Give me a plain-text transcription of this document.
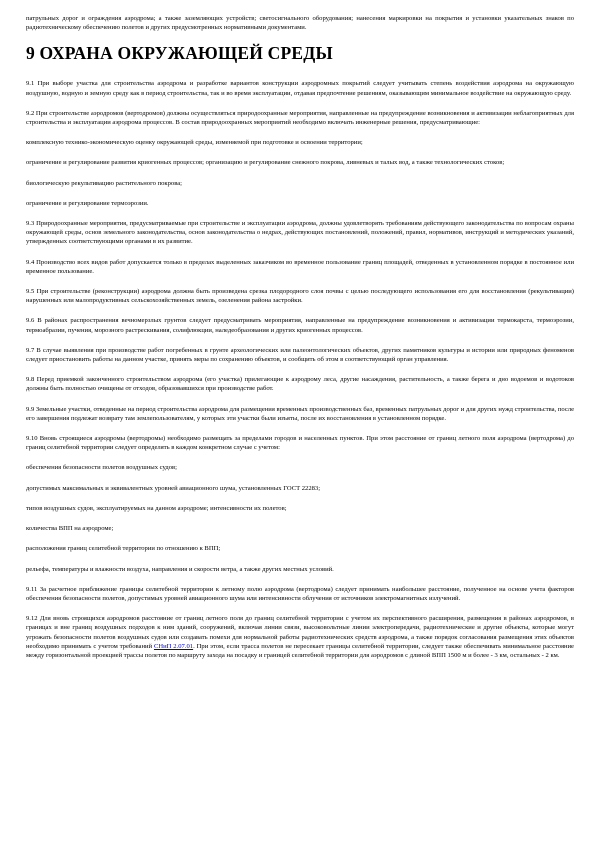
патрульных дорог и ограждения аэродрома; а также заземляющих устройств; светосигнального оборудования; нанесения маркировки на покрытия и установки указательных знаков по радиотехническому обеспечению полетов и других предусмотренных нормативными документами.

9 ОХРАНА ОКРУЖАЮЩЕЙ СРЕДЫ

9.1 При выборе участка для строительства аэродрома и разработке вариантов конструкции аэродромных покрытий следует учитывать степень воздействия аэродрома на окружающую воздушную, водную и земную среду как в период строительства, так и во время эксплуатации, отдавая предпочтение решениям, оказывающим минимальное воздействие на окружающую среду.

9.2 При строительстве аэродромов (вертодромов) должны осуществляться природоохранные мероприятия, направленные на предупреждение возникновения и активизации неблагоприятных для строительства и эксплуатации аэродрома процессов. В состав природоохранных мероприятий необходимо включать инженерные решения, предусматривающие:

комплексную технико-экономическую оценку окружающей среды, изменяемой при подготовке и освоении территории;

ограничение и регулирование развития криогенных процессов; организацию и регулирование снежного покрова, ливневых и талых вод, а также технологических стоков;

биологическую рекультивацию растительного покрова;

ограничение и регулирование термоэрозии.

9.3 Природоохранные мероприятия, предусматриваемые при строительстве и эксплуатации аэродрома, должны удовлетворять требованиям действующего законодательства по вопросам охраны окружающей среды, основ земельного законодательства, основ законодательства о недрах, действующих постановлений, положений, правил, нормативов, инструкций и методических указаний, утвержденных соответствующими органами в их развитие.

9.4 Производство всех видов работ допускается только в пределах выделенных заказчиком во временное пользование границ площадей, отведенных в установленном порядке в постоянное или временное пользование.

9.5 При строительстве (реконструкции) аэродрома должна быть произведена срезка плодородного слоя почвы с целью последующего использования его для восстановления (рекультивации) нарушенных или малопродуктивных сельскохозяйственных земель, озеленения района застройки.

9.6 В районах распространения вечномерзлых грунтов следует предусматривать мероприятия, направленные на предупреждение возникновения и активизации термокарста, термоэрозии, термоабразии, пучения, морозного растрескивания, солифлюкции, наледеобразования и других криогенных процессов.

9.7 В случае выявления при производстве работ погребенных в грунте археологических или палеонтологических объектов, других памятников культуры и истории или природных феноменов следует приостановить работы на данном участке, принять меры по сохранению объектов, и сообщить об этом в соответствующий орган управления.

9.8 Перед приемкой законченного строительством аэродрома (его участка) прилегающие к аэродрому леса, другие насаждения, растительность, а также берега и дно водоемов и водотоков должны быть полностью очищены от отходов, образовавшихся при производстве работ.

9.9 Земельные участки, отведенные на период строительства аэродрома для размещения временных производственных баз, временных патрульных дорог и для других нужд строительства, после его завершения подлежат возврату там землепользователям, у которых эти участки были изъяты, после их восстановления в установленном порядке.

9.10 Вновь строящиеся аэродромы (вертодромы) необходимо размещать за пределами городов и населенных пунктов. При этом расстояние от границ летного поля аэродрома (вертодрома) до границ селитебной территории следует определять в каждом конкретном случае с учетом:

обеспечения безопасности полетов воздушных судов;

допустимых максимальных и эквивалентных уровней авиационного шума, установленных ГОСТ 22283;

типов воздушных судов, эксплуатируемых на данном аэродроме; интенсивности их полетов;

количества ВПП на аэродроме;

расположения границ селитебной территории по отношению к ВПП;

рельефа, температуры и влажности воздуха, направления и скорости ветра, а также других местных условий.

9.11 За расчетное приближение границы селитебной территории к летному полю аэродрома (вертодрома) следует принимать наибольшее расстояние, полученное на основе учета факторов обеспечения безопасности полетов, допустимых уровней авиационного шума или интенсивности облучения от источников электромагнитных излучений.

9.12 Для вновь строящихся аэродромов расстояние от границ летного поля до границ селитебной территории с учетом их перспективного расширения, размещения в районах аэродромов, в границах и вне границ воздушных подходов к ним зданий, сооружений, включая линии связи, высоковольтные линии электропередачи, радиотехнические и другие объекты, которые могут угрожать безопасности полетов воздушных судов или создавать помехи для нормальной работы радиотехнических средств аэродрома, а также порядок согласования размещения этих объектов необходимо принимать с учетом требований СНиП 2.07.01. При этом, если трасса полетов не пересекает границы селитебной территории, следует также обеспечивать минимальное расстояние между горизонтальной проекцией трассы полетов по маршруту захода на посадку и границей селитебной территории для аэродромов с длиной ВПП 1500 м и более - 3 км, остальных - 2 км.
